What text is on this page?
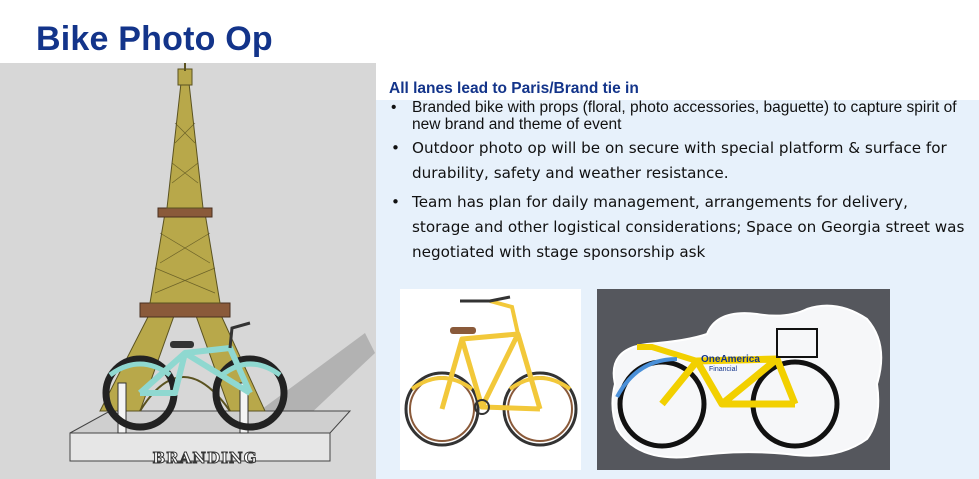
BRANDING
Bike Photo Op
All lanes lead to Paris/Brand tie in
• Branded bike with props (floral, photo accessories, baguette) to capture spirit of new brand and theme of event
• Outdoor photo op will be on secure with special platform & surface for durability, safety and weather resistance.
• Team has plan for daily management, arrangements for delivery, storage and other logistical considerations; Space on Georgia street was negotiated with stage sponsorship ask
OneAmerica
Financial
